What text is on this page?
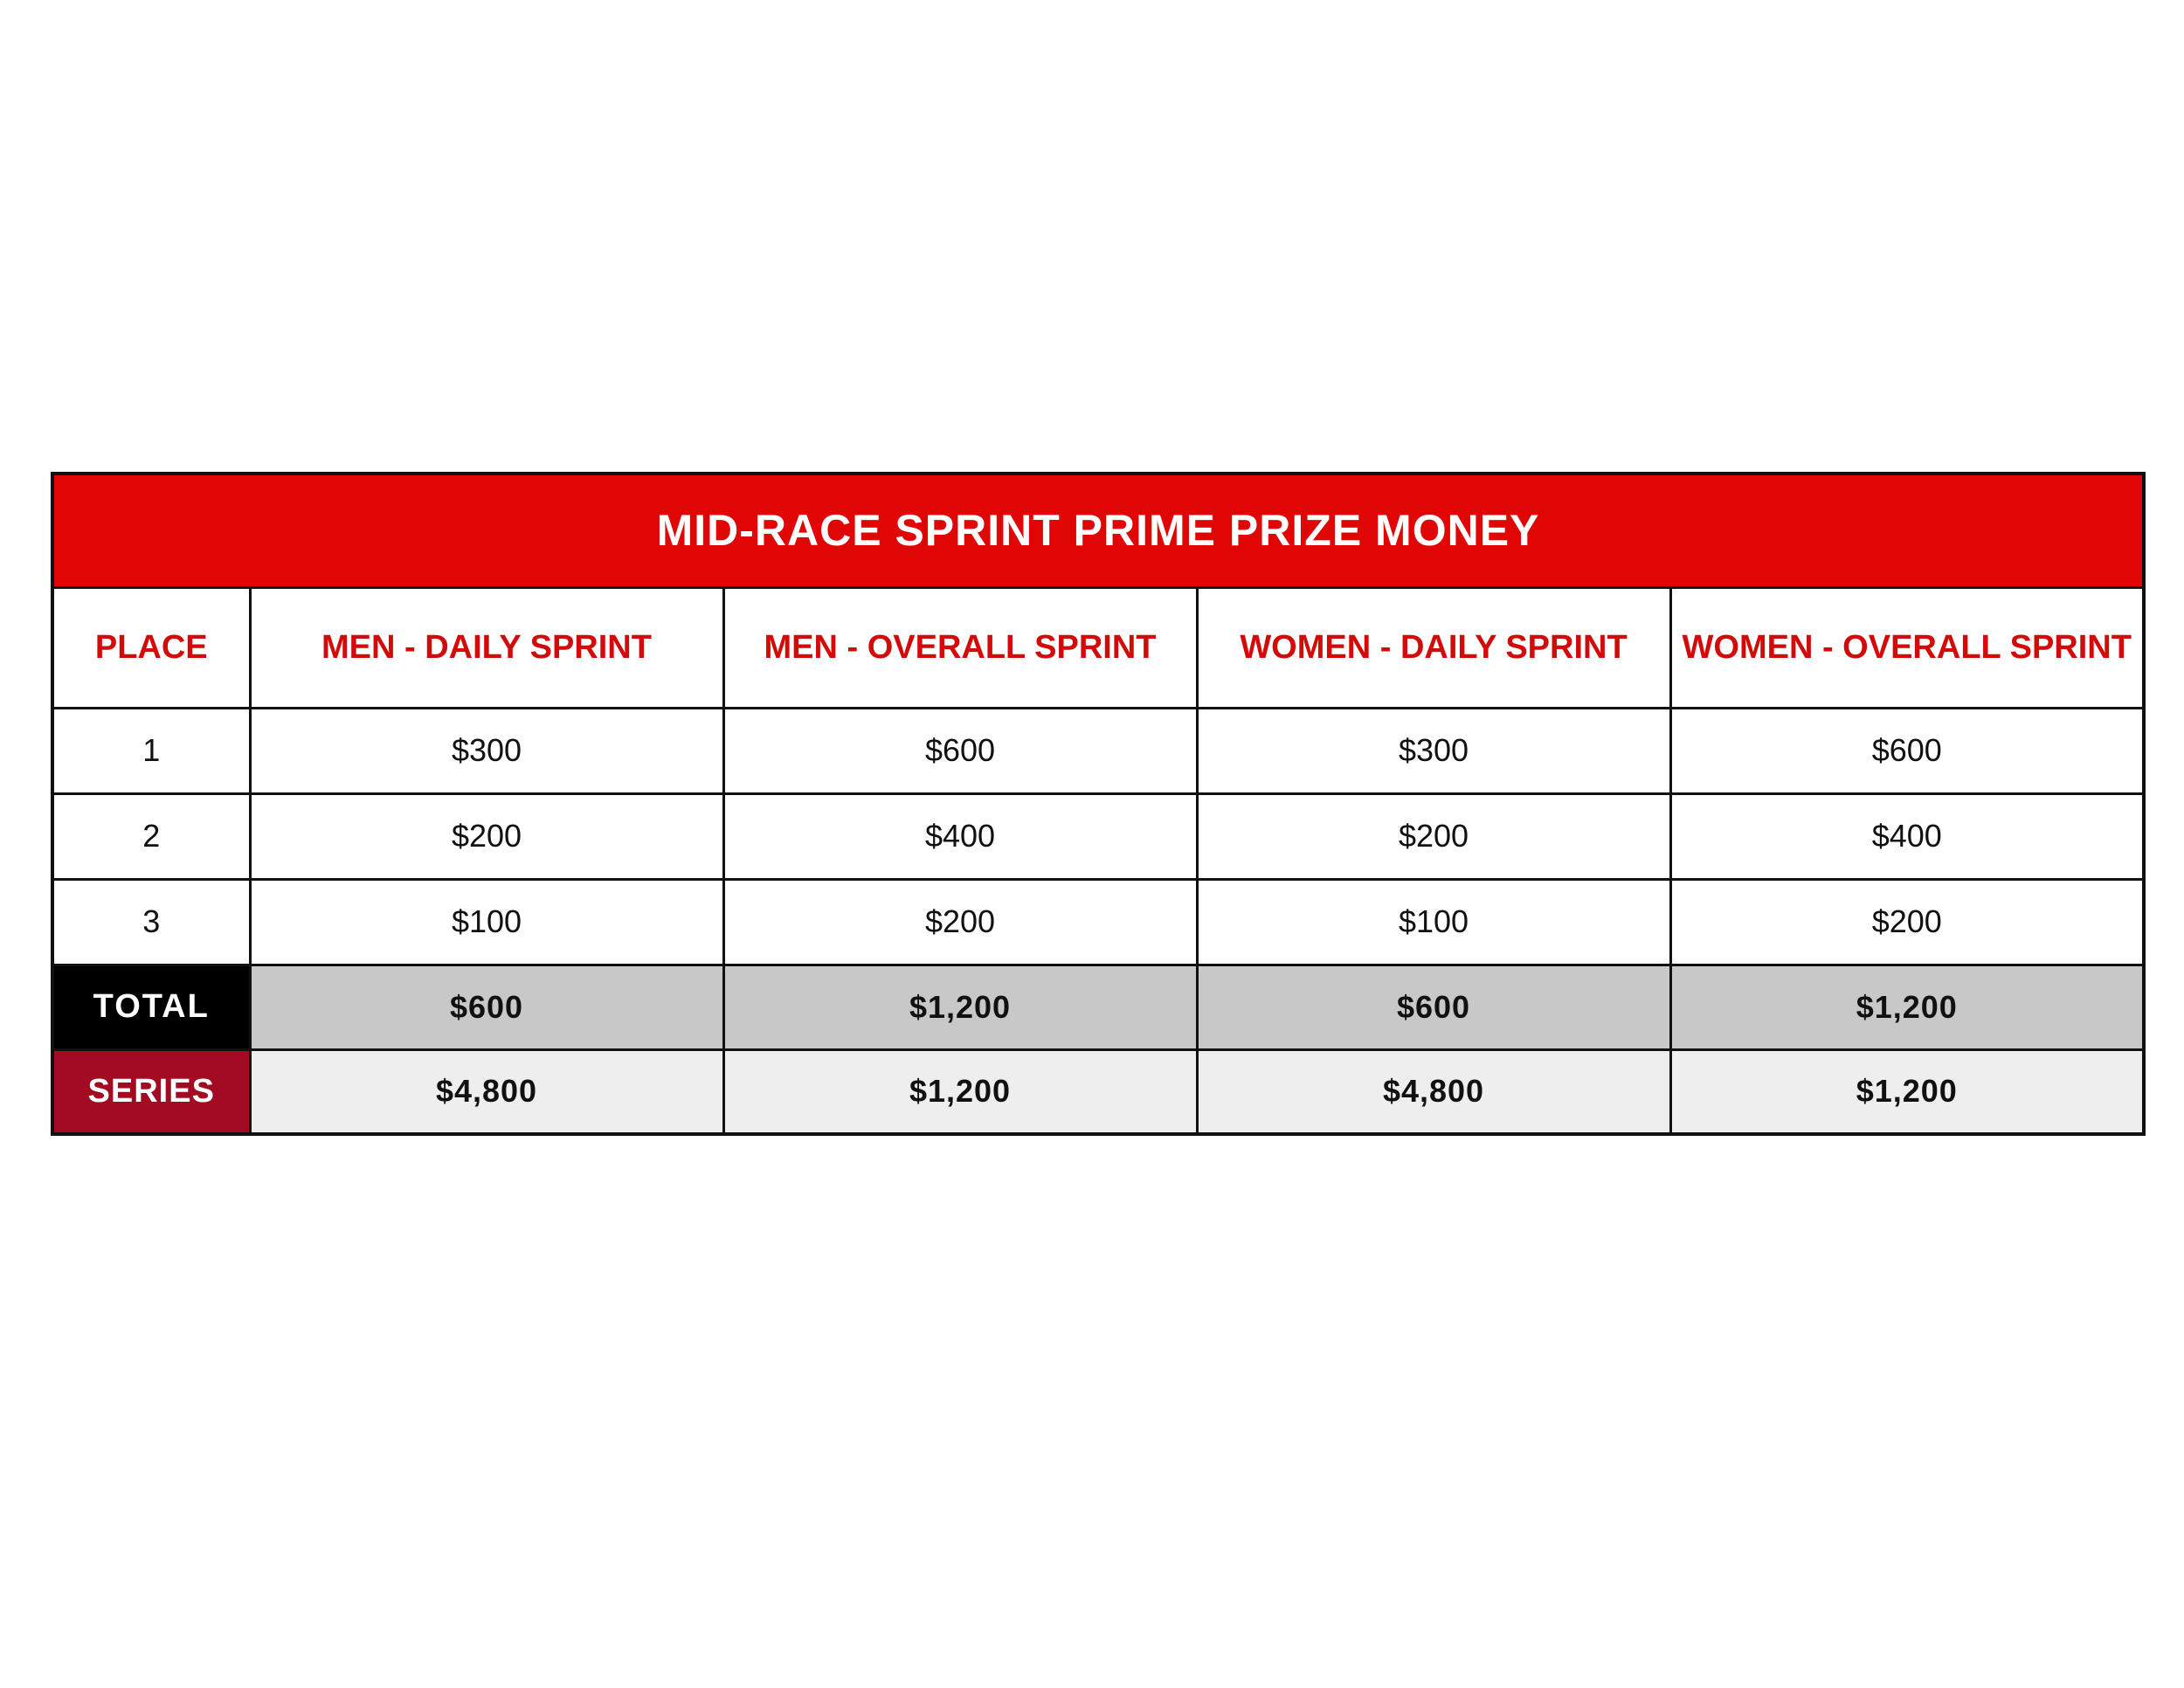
MID-RACE SPRINT PRIME PRIZE MONEY				
PLACE	MEN - DAILY SPRINT	MEN - OVERALL SPRINT	WOMEN - DAILY SPRINT	WOMEN - OVERALL SPRINT
1	$300	$600	$300	$600
2	$200	$400	$200	$400
3	$100	$200	$100	$200
TOTAL	$600	$1,200	$600	$1,200
SERIES	$4,800	$1,200	$4,800	$1,200
